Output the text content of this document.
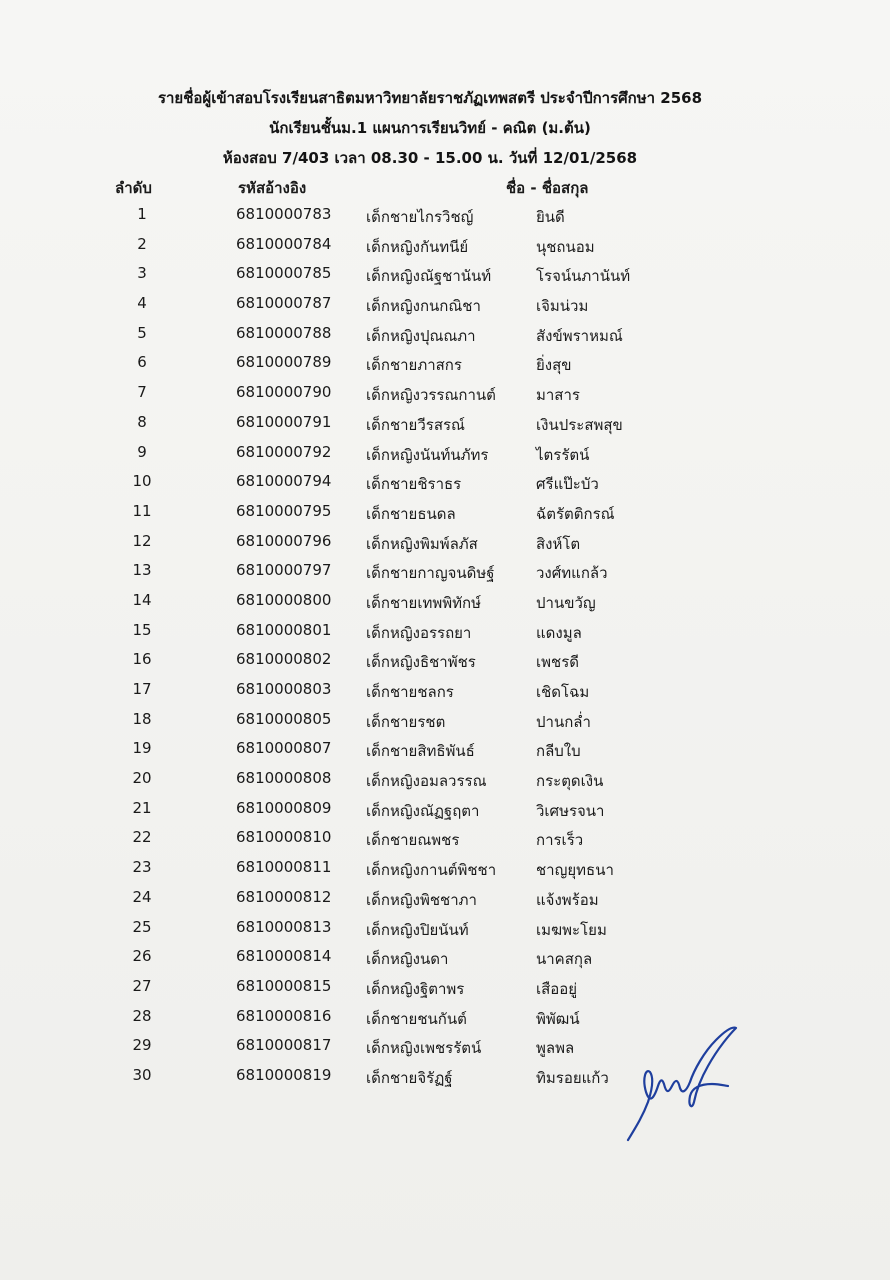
รายชื่อผู้เข้าสอบโรงเรียนสาธิตมหาวิทยาลัยราชภัฏเทพสตรี ประจำปีการศึกษา 2568
นักเรียนชั้นม.1 แผนการเรียนวิทย์ - คณิต (ม.ต้น)
ห้องสอบ 7/403 เวลา 08.30 - 15.00 น. วันที่ 12/01/2568
ลำดับ	รหัสอ้างอิง	ชื่อ - ชื่อสกุล
1	6810000783 เด็กชายไกรวิชญ์	ยินดี
2	6810000784 เด็กหญิงกันทนีย์	นุชถนอม
3	6810000785 เด็กหญิงณัฐชานันท์	โรจน์นภานันท์
4	6810000787 เด็กหญิงกนกณิชา	เจิมน่วม
5	6810000788 เด็กหญิงปุณณภา	สังข์พราหมณ์
6	6810000789 เด็กชายภาสกร	ยิ่งสุข
7	6810000790 เด็กหญิงวรรณกานต์	มาสาร
8	6810000791 เด็กชายวีรสรณ์	เงินประสพสุข
9	6810000792 เด็กหญิงนันท์นภัทร	ไตรรัตน์
10	6810000794 เด็กชายชิราธร	ศรีแป๊ะบัว
11	6810000795 เด็กชายธนดล	ฉัตรัตติกรณ์
12	6810000796 เด็กหญิงพิมพ์ลภัส	สิงห์โต
13	6810000797 เด็กชายกาญจนดิษฐ์	วงศ์ทแกล้ว
14	6810000800 เด็กชายเทพพิทักษ์	ปานขวัญ
15	6810000801 เด็กหญิงอรรถยา	แดงมูล
16	6810000802 เด็กหญิงธิชาพัชร	เพชรดี
17	6810000803 เด็กชายชลกร	เชิดโฉม
18	6810000805 เด็กชายรชต	ปานกล่ำ
19	6810000807 เด็กชายสิทธิพันธ์	กลีบใบ
20	6810000808 เด็กหญิงอมลวรรณ	กระตุดเงิน
21	6810000809 เด็กหญิงณัฏฐฤตา	วิเศษรจนา
22	6810000810 เด็กชายณพชร	การเร็ว
23	6810000811 เด็กหญิงกานต์พิชชา	ชาญยุทธนา
24	6810000812 เด็กหญิงพิชชาภา	แจ้งพร้อม
25	6810000813 เด็กหญิงปิยนันท์	เมฆพะโยม
26	6810000814 เด็กหญิงนดา	นาคสกุล
27	6810000815 เด็กหญิงฐิตาพร	เสืออยู่
28	6810000816 เด็กชายชนกันต์	พิพัฒน์
29	6810000817 เด็กหญิงเพชรรัตน์	พูลพล
30	6810000819 เด็กชายจิรัฏฐ์	ทิมรอยแก้ว
